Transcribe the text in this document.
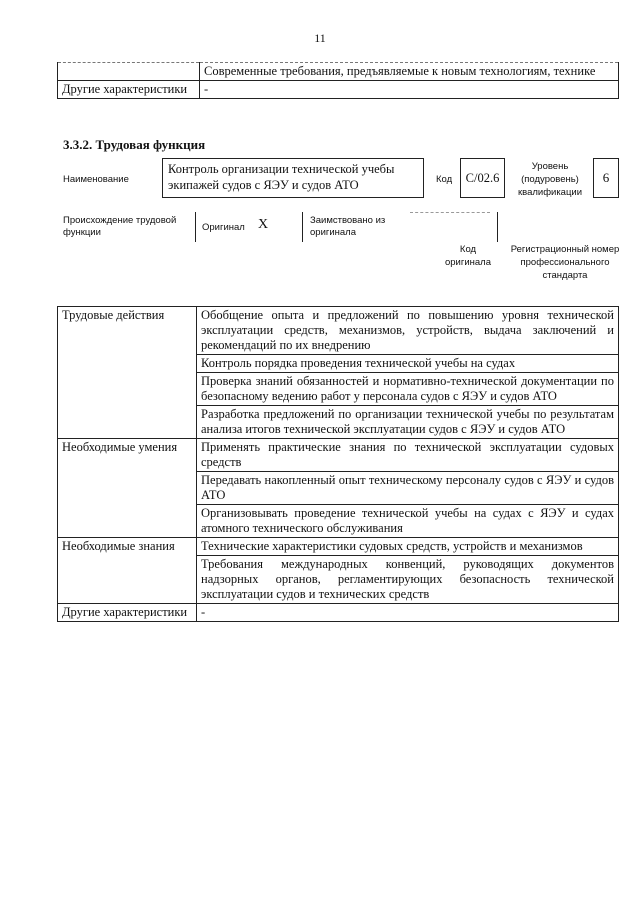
11
	Современные требования, предъявляемые к новым технологиям, технике
Другие характеристики	-
3.3.2. Трудовая функция
Наименование
Контроль организации технической учебы экипажей судов с ЯЭУ и судов АТО	Код	С/02.6
Уровень (подуровень) квалификации
6
Происхождение трудовой функции	Оригинал X	Заимствовано из оригинала
Код оригинала
Регистрационный номер профессионального стандарта
Трудовые действия	Обобщение опыта и предложений по повышению уровня технической эксплуатации средств, механизмов, устройств, выдача заключений и рекомендаций по их внедрению
	Контроль порядка проведения технической учебы на судах
	Проверка знаний обязанностей и нормативно-технической документации по безопасному ведению работ у персонала судов с ЯЭУ и судов АТО
	Разработка предложений по организации технической учебы по результатам анализа итогов технической эксплуатации судов с ЯЭУ и судов АТО
Необходимые умения	Применять практические знания по технической эксплуатации судовых средств
	Передавать накопленный опыт техническому персоналу судов с ЯЭУ и судов АТО
	Организовывать проведение технической учебы на судах с ЯЭУ и судах атомного технического обслуживания
Необходимые знания	Технические характеристики судовых средств, устройств и механизмов
	Требования международных конвенций, руководящих документов надзорных органов, регламентирующих безопасность технической эксплуатации судов и технических средств
Другие характеристики	-
